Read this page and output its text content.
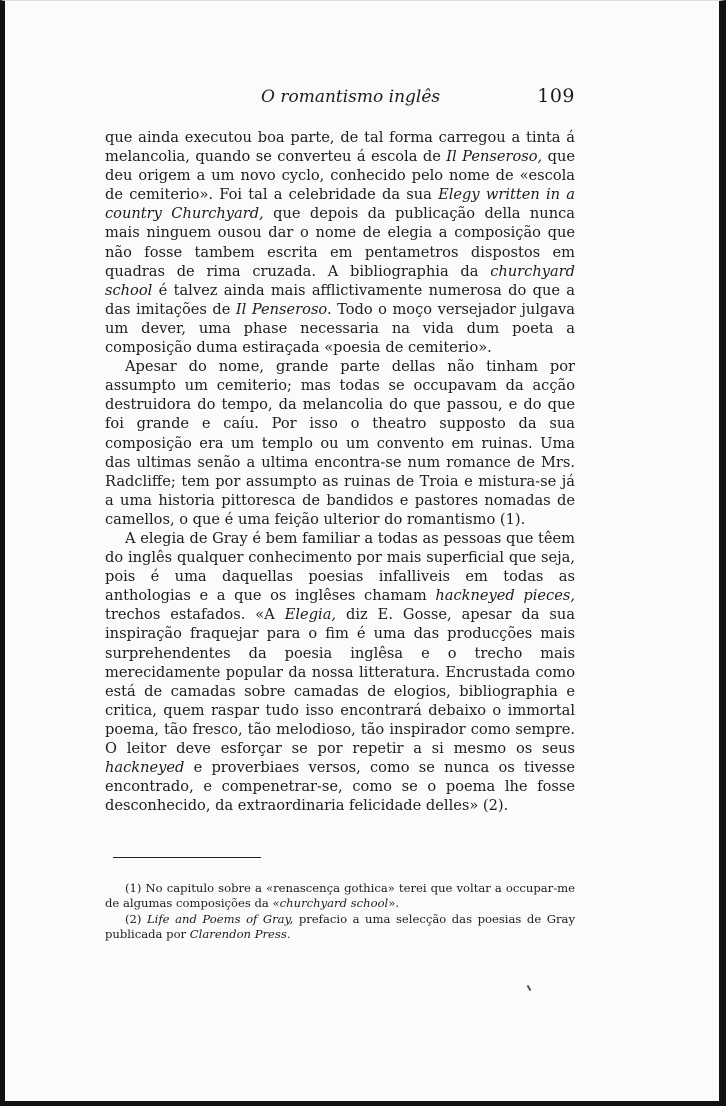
O romantismo inglês	109

que ainda executou boa parte, de tal forma carregou a tinta á melancolia, quando se converteu á escola de Il Penseroso, que deu origem a um novo cyclo, conhecido pelo nome de «escola de cemiterio». Foi tal a celebridade da sua Elegy written in a country Churchyard, que depois da publicação della nunca mais ninguem ousou dar o nome de elegia a composição que não fosse tambem escrita em pentametros dispostos em quadras de rima cruzada. A bibliographia da churchyard school é talvez ainda mais afflictivamente numerosa do que a das imitações de Il Penseroso. Todo o moço versejador julgava um dever, uma phase necessaria na vida dum poeta a composição duma estiraçada «poesia de cemiterio».

Apesar do nome, grande parte dellas não tinham por assumpto um cemiterio; mas todas se occupavam da acção destruidora do tempo, da melancolia do que passou, e do que foi grande e caíu. Por isso o theatro supposto da sua composição era um templo ou um convento em ruinas. Uma das ultimas senão a ultima encontra-se num romance de Mrs. Radcliffe; tem por assumpto as ruinas de Troia e mistura-se já a uma historia pittoresca de bandidos e pastores nomadas de camellos, o que é uma feição ulterior do romantismo (1).

A elegia de Gray é bem familiar a todas as pessoas que têem do inglês qualquer conhecimento por mais superficial que seja, pois é uma daquellas poesias infalliveis em todas as anthologias e a que os inglêses chamam hackneyed pieces, trechos estafados. «A Elegia, diz E. Gosse, apesar da sua inspiração fraquejar para o fim é uma das producções mais surprehendentes da poesia inglêsa e o trecho mais merecidamente popular da nossa litteratura. Encrustada como está de camadas sobre camadas de elogios, bibliographia e critica, quem raspar tudo isso encontrará debaixo o immortal poema, tão fresco, tão melodioso, tão inspirador como sempre. O leitor deve esforçar se por repetir a si mesmo os seus hackneyed e proverbiaes versos, como se nunca os tivesse encontrado, e compenetrar-se, como se o poema lhe fosse desconhecido, da extraordinaria felicidade delles» (2).

(1) No capitulo sobre a «renascença gothica» terei que voltar a occupar-me de algumas composições da «churchyard school».

(2) Life and Poems of Gray, prefacio a uma selecção das poesias de Gray publicada por Clarendon Press.
